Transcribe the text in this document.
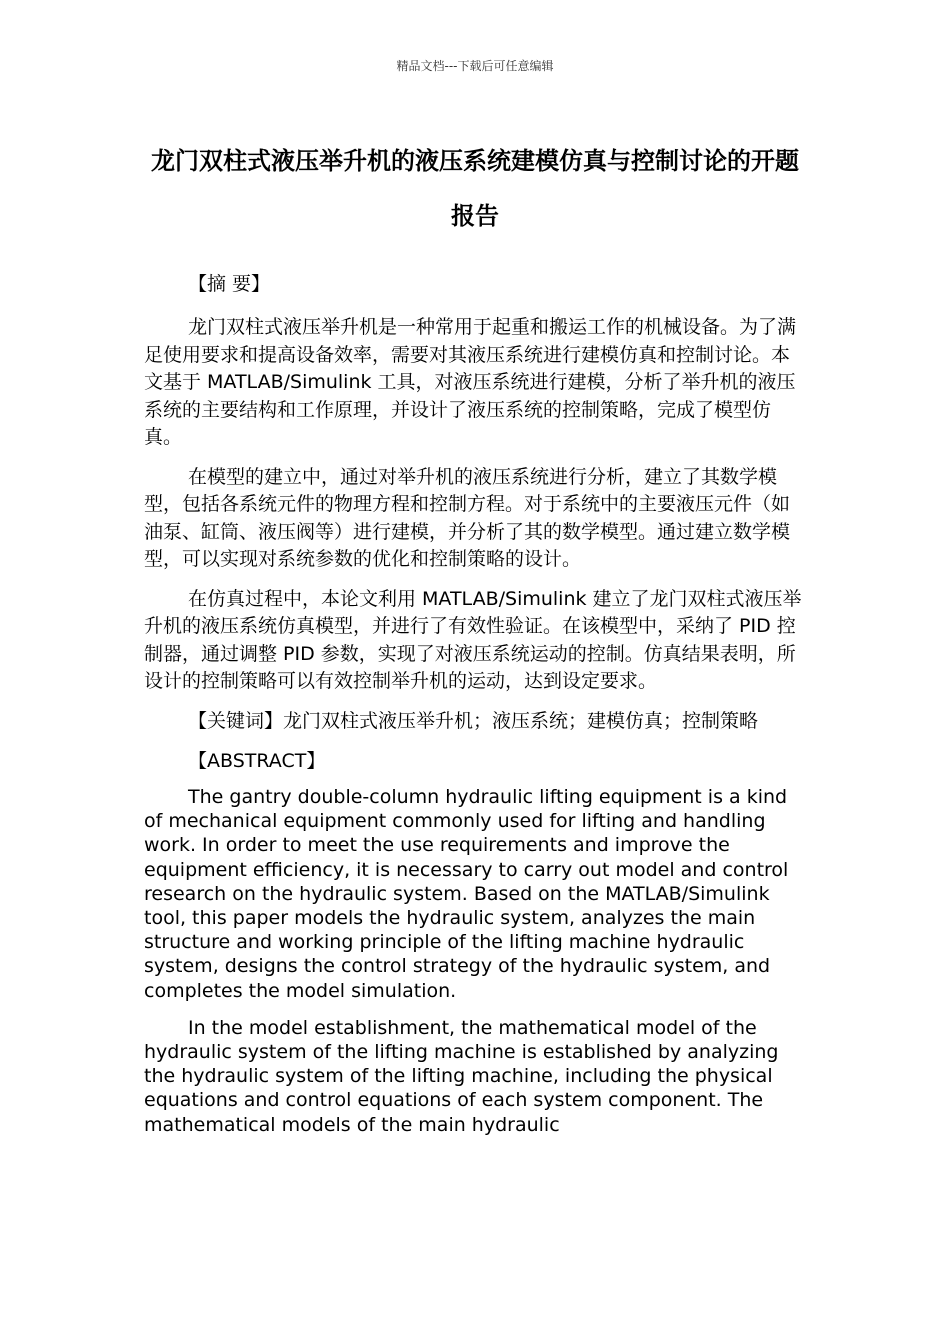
精品文档---下载后可任意编辑
龙门双柱式液压举升机的液压系统建模仿真与控制讨论的开题报告

【摘 要】

龙门双柱式液压举升机是一种常用于起重和搬运工作的机械设备。为了满足使用要求和提高设备效率，需要对其液压系统进行建模仿真和控制讨论。本文基于 MATLAB/Simulink 工具，对液压系统进行建模，分析了举升机的液压系统的主要结构和工作原理，并设计了液压系统的控制策略，完成了模型仿真。

在模型的建立中，通过对举升机的液压系统进行分析，建立了其数学模型，包括各系统元件的物理方程和控制方程。对于系统中的主要液压元件（如油泵、缸筒、液压阀等）进行建模，并分析了其的数学模型。通过建立数学模型，可以实现对系统参数的优化和控制策略的设计。

在仿真过程中，本论文利用 MATLAB/Simulink 建立了龙门双柱式液压举升机的液压系统仿真模型，并进行了有效性验证。在该模型中，采纳了 PID 控制器，通过调整 PID 参数，实现了对液压系统运动的控制。仿真结果表明，所设计的控制策略可以有效控制举升机的运动，达到设定要求。

【关键词】龙门双柱式液压举升机；液压系统；建模仿真；控制策略

【ABSTRACT】

The gantry double-column hydraulic lifting equipment is a kind of mechanical equipment commonly used for lifting and handling work. In order to meet the use requirements and improve the equipment efficiency, it is necessary to carry out model and control research on the hydraulic system. Based on the MATLAB/Simulink tool, this paper models the hydraulic system, analyzes the main structure and working principle of the lifting machine hydraulic system, designs the control strategy of the hydraulic system, and completes the model simulation.

In the model establishment, the mathematical model of the hydraulic system of the lifting machine is established by analyzing the hydraulic system of the lifting machine, including the physical equations and control equations of each system component. The mathematical models of the main hydraulic
